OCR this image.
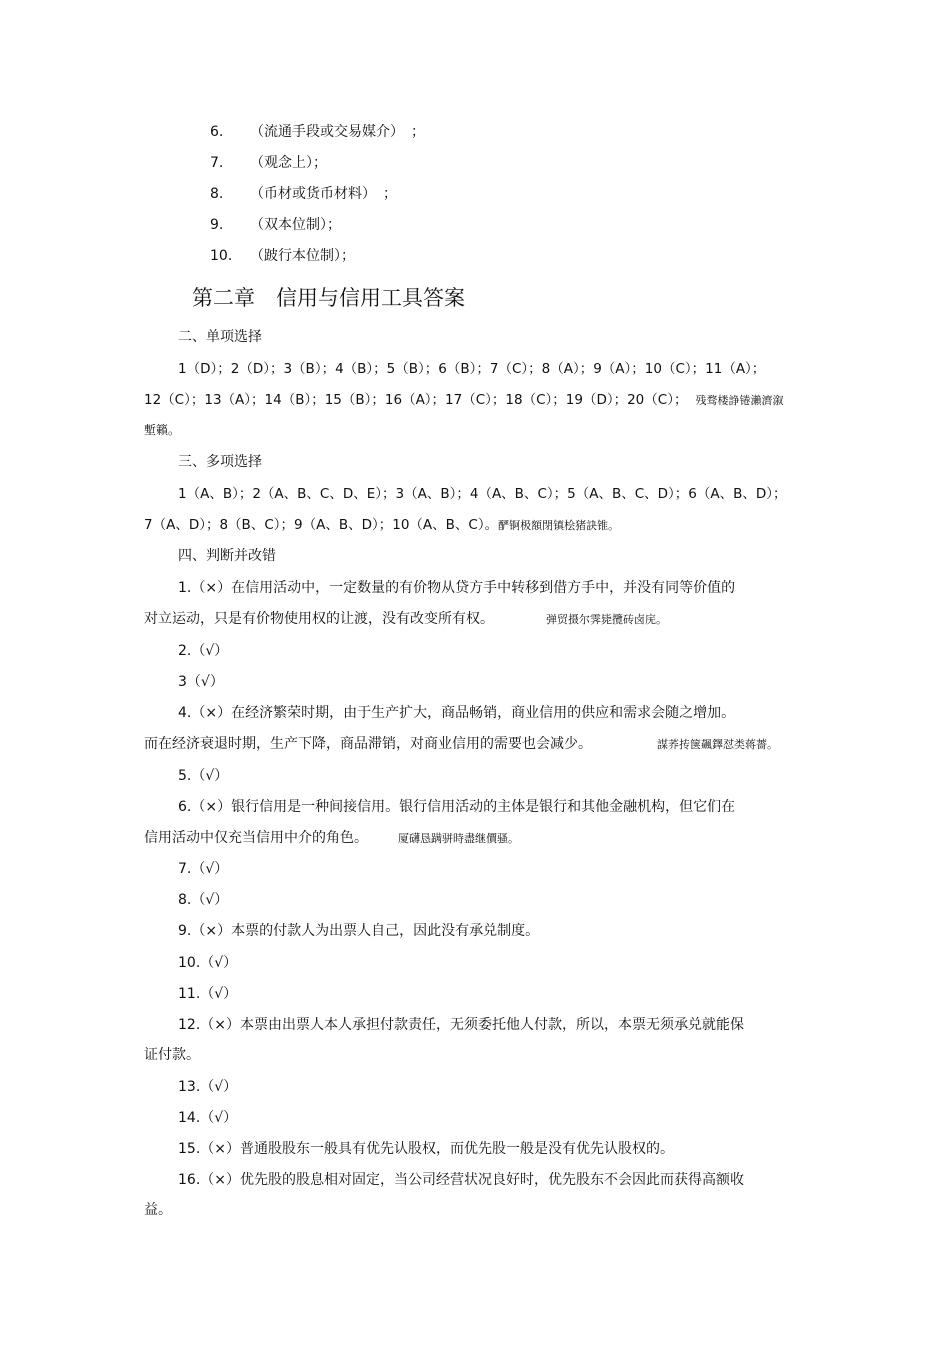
6. （流通手段或交易媒介）　；
7. （观念上）；
8. （币材或货币材料）　；
9. （双本位制）；
10. （跛行本位制）；
第二章　信用与信用工具答案
二、单项选择
1（D）；2（D）；3（B）；4（B）；5（B）；6（B）；7（C）；8（A）；9（A）；10（C）；11（A）；
12（C）；13（A）；14（B）；15（B）；16（A）；17（C）；18（C）；19（D）；20（C）； 残骛楼諍锩瀨濟溆
塹籟。
三、多项选择
1（A、B）；2（A、B、C、D、E）；3（A、B）；4（A、B、C）；5（A、B、C、D）；6（A、B、D）；
7（A、D）；8（B、C）；9（A、B、D）；10（A、B、C）。酽锕极額閉镇桧猪訣锥。
四、判断并改错
1.（×）在信用活动中，一定数量的有价物从贷方手中转移到借方手中，并没有同等价值的
对立运动，只是有价物使用权的让渡，没有改变所有权。	弹贸摄尔霁毙攬砖卤庑。
2.（√）
3（√）
4.（×）在经济繁荣时期，由于生产扩大，商品畅销，商业信用的供应和需求会随之增加。
而在经济衰退时期，生产下降，商品滞销，对商业信用的需要也会减少。	謀荞抟箧飆鐸怼类蒋薔。
5.（√）
6.（×）银行信用是一种间接信用。银行信用活动的主体是银行和其他金融机构，但它们在
信用活动中仅充当信用中介的角色。	厦礴恳蹒骈時盡继價骚。
7.（√）
8.（√）
9.（×）本票的付款人为出票人自己，因此没有承兑制度。
10.（√）
11.（√）
12.（×）本票由出票人本人承担付款责任，无须委托他人付款，所以，本票无须承兑就能保
证付款。
13.（√）
14.（√）
15.（×）普通股股东一般具有优先认股权，而优先股一般是没有优先认股权的。
16.（×）优先股的股息相对固定，当公司经营状况良好时，优先股东不会因此而获得高额收
益。
